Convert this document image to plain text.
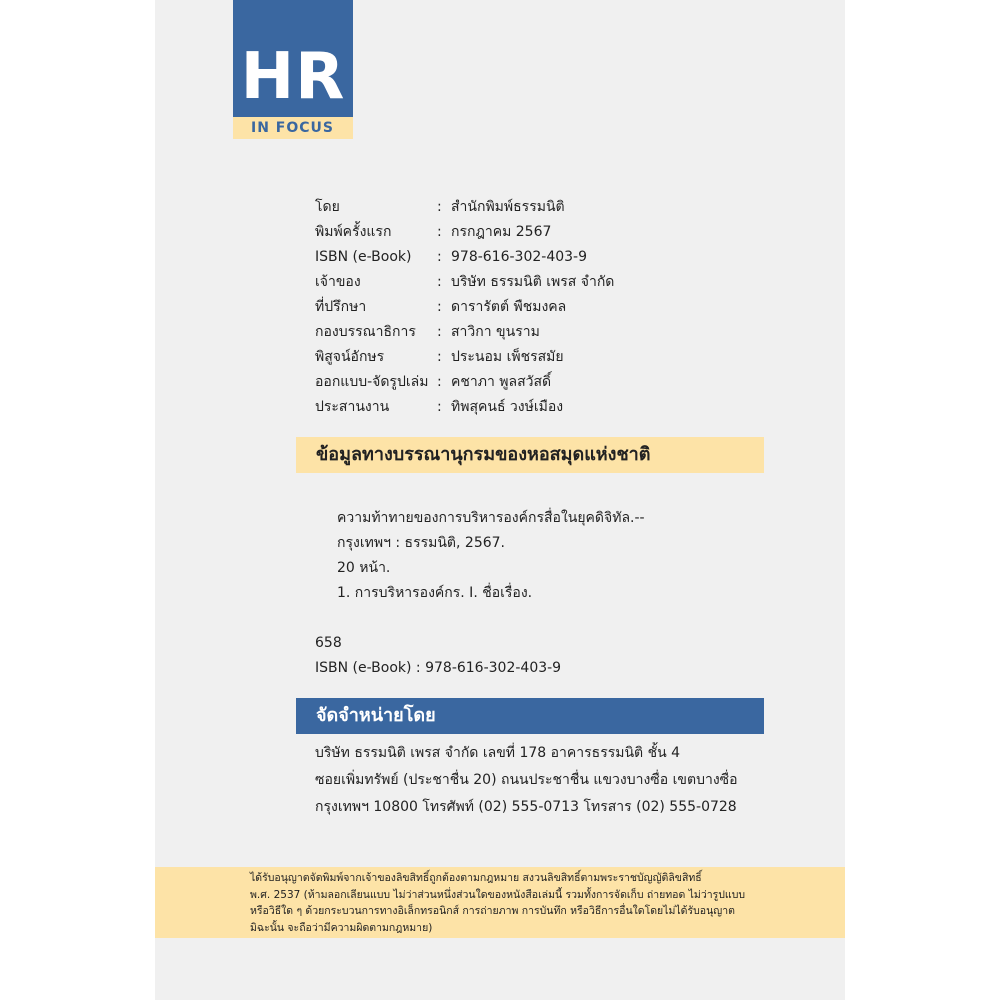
HR
IN FOCUS
โดย	: สำนักพิมพ์ธรรมนิติ
พิมพ์ครั้งแรก	: กรกฎาคม 2567
ISBN (e-Book)	: 978-616-302-403-9
เจ้าของ	: บริษัท ธรรมนิติ เพรส จำกัด
ที่ปรึกษา	: ดารารัตต์ พืชมงคล
กองบรรณาธิการ	: สาวิกา ขุนราม
พิสูจน์อักษร	: ประนอม เพ็ชรสมัย
ออกแบบ-จัดรูปเล่ม : คชาภา พูลสวัสดิ์
ประสานงาน	: ทิพสุคนธ์ วงษ์เมือง
ข้อมูลทางบรรณานุกรมของหอสมุดแห่งชาติ
ความท้าทายของการบริหารองค์กรสื่อในยุคดิจิทัล.--
กรุงเทพฯ : ธรรมนิติ, 2567.
20 หน้า.
1. การบริหารองค์กร. I. ชื่อเรื่อง.
658
ISBN (e-Book) : 978-616-302-403-9
จัดจำหน่ายโดย
บริษัท ธรรมนิติ เพรส จำกัด เลขที่ 178 อาคารธรรมนิติ ชั้น 4
ซอยเพิ่มทรัพย์ (ประชาชื่น 20) ถนนประชาชื่น แขวงบางซื่อ เขตบางซื่อ
กรุงเทพฯ 10800 โทรศัพท์ (02) 555-0713 โทรสาร (02) 555-0728
ได้รับอนุญาตจัดพิมพ์จากเจ้าของลิขสิทธิ์ถูกต้องตามกฎหมาย สงวนลิขสิทธิ์ตามพระราชบัญญัติลิขสิทธิ์
พ.ศ. 2537 (ห้ามลอกเลียนแบบ ไม่ว่าส่วนหนึ่งส่วนใดของหนังสือเล่มนี้ รวมทั้งการจัดเก็บ ถ่ายทอด ไม่ว่ารูปแบบ
หรือวิธีใด ๆ ด้วยกระบวนการทางอิเล็กทรอนิกส์ การถ่ายภาพ การบันทึก หรือวิธีการอื่นใดโดยไม่ได้รับอนุญาต
มิฉะนั้น จะถือว่ามีความผิดตามกฎหมาย)
